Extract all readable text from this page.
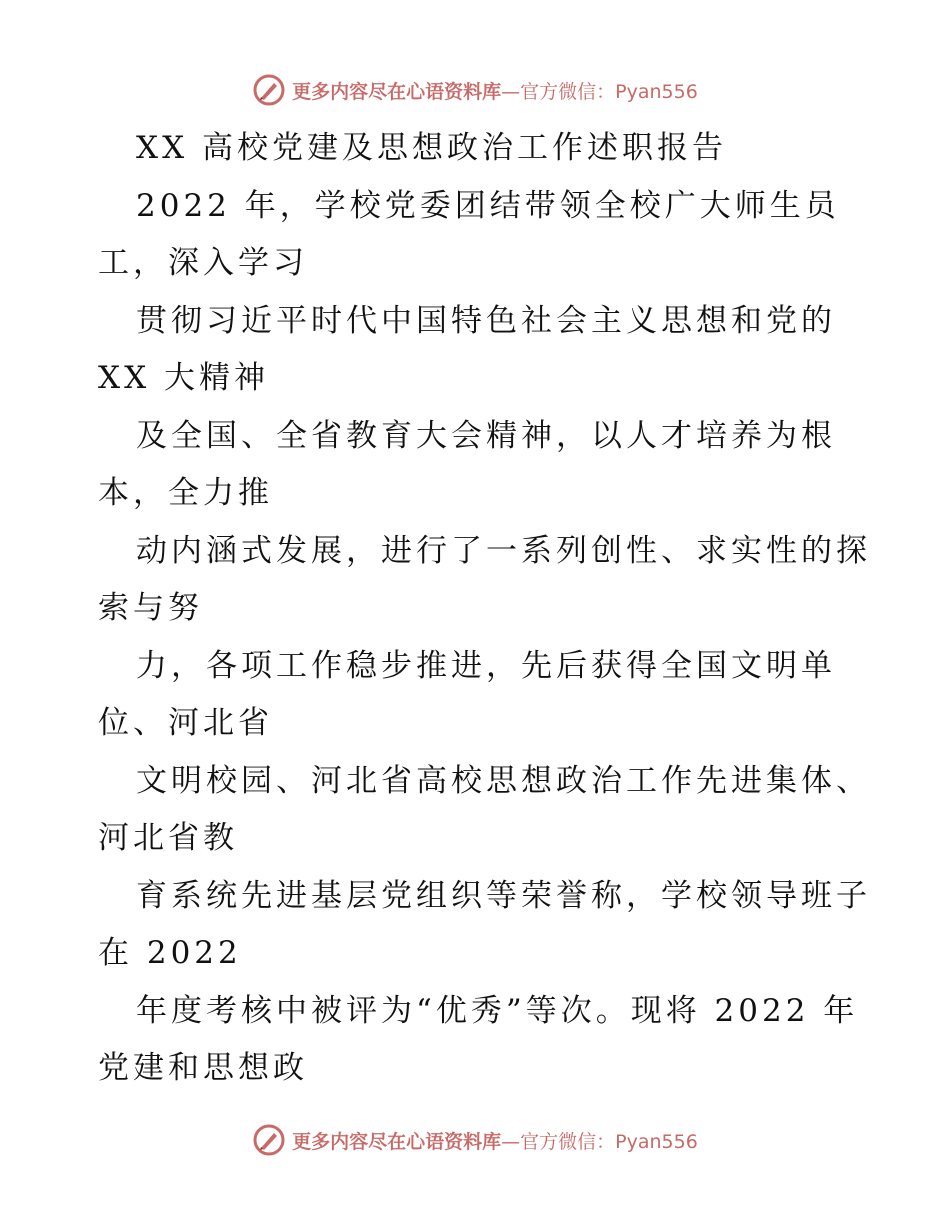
更多内容尽在心语资料库 — 官方微信：Pyan556
XX 高校党建及思想政治工作述职报告
2022 年，学校党委团结带领全校广大师生员
工，深入学习
贯彻习近平时代中国特色社会主义思想和党的
XX 大精神
及全国、全省教育大会精神，以人才培养为根
本，全力推
动内涵式发展，进行了一系列创性、求实性的探
索与努
力，各项工作稳步推进，先后获得全国文明单
位、河北省
文明校园、河北省高校思想政治工作先进集体、
河北省教
育系统先进基层党组织等荣誉称，学校领导班子
在 2022
年度考核中被评为“优秀”等次。现将 2022 年
党建和思想政
更多内容尽在心语资料库 — 官方微信：Pyan556
